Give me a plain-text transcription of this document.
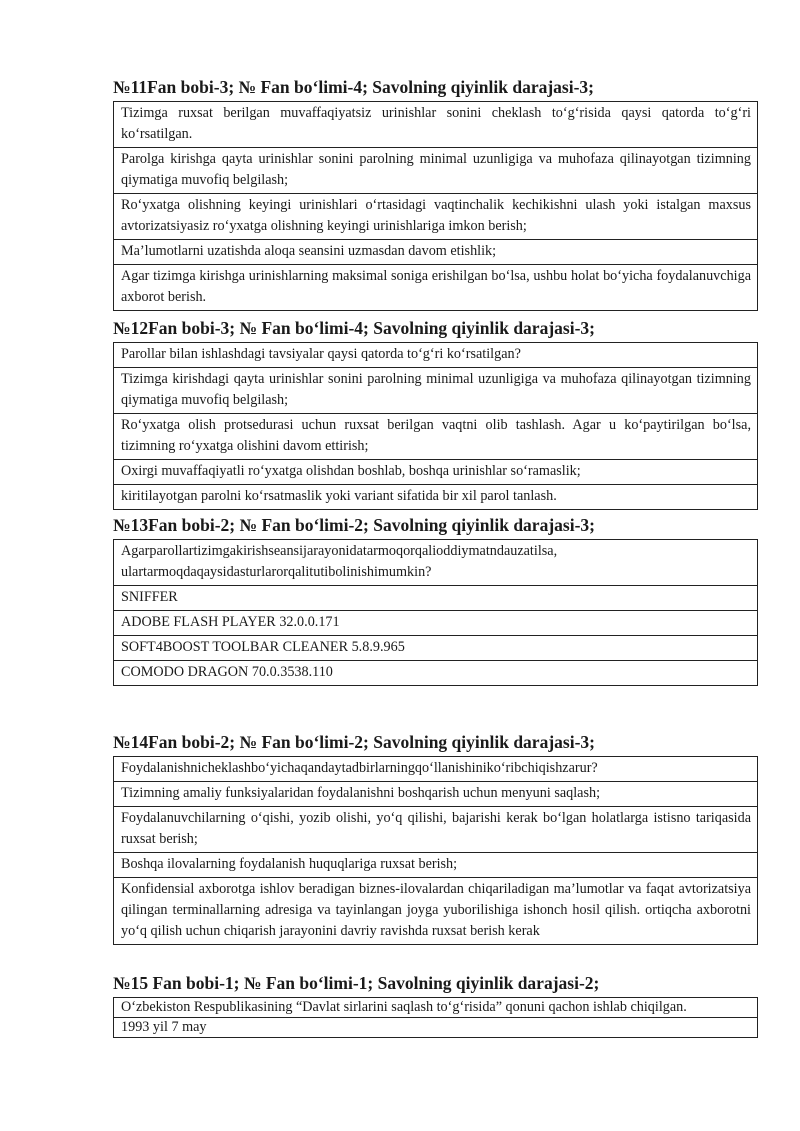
№11Fan bobi-3; № Fan bo‘limi-4; Savolning qiyinlik darajasi-3;
Tizimga ruxsat berilgan muvaffaqiyatsiz urinishlar sonini cheklash to‘g‘risida qaysi qatorda to‘g‘ri ko‘rsatilgan.
Parolga kirishga qayta urinishlar sonini parolning minimal uzunligiga va muhofaza qilinayotgan tizimning qiymatiga muvofiq belgilash;
Ro‘yxatga olishning keyingi urinishlari o‘rtasidagi vaqtinchalik kechikishni ulash yoki istalgan maxsus avtorizatsiyasiz ro‘yxatga olishning keyingi urinishlariga imkon berish;
Ma’lumotlarni uzatishda aloqa seansini uzmasdan davom etishlik;
Agar tizimga kirishga urinishlarning maksimal soniga erishilgan bo‘lsa, ushbu holat bo‘yicha foydalanuvchiga axborot berish.
№12Fan bobi-3; № Fan bo‘limi-4; Savolning qiyinlik darajasi-3;
Parollar bilan ishlashdagi tavsiyalar qaysi qatorda to‘g‘ri ko‘rsatilgan?
Tizimga kirishdagi qayta urinishlar sonini parolning minimal uzunligiga va muhofaza qilinayotgan tizimning qiymatiga muvofiq belgilash;
Ro‘yxatga olish protsedurasi uchun ruxsat berilgan vaqtni olib tashlash. Agar u ko‘paytirilgan bo‘lsa, tizimning ro‘yxatga olishini davom ettirish;
Oxirgi muvaffaqiyatli ro‘yxatga olishdan boshlab, boshqa urinishlar so‘ramaslik;
kiritilayotgan parolni ko‘rsatmaslik yoki variant sifatida bir xil parol tanlash.
№13Fan bobi-2; № Fan bo‘limi-2; Savolning qiyinlik darajasi-3;
Agarparollartizimgakirishseansijarayonidatarmoqorqalioddiymatndauzatilsa, ulartarmoqdaqaysidasturlarorqalitutibolinishimumkin?
SNIFFER
ADOBE FLASH PLAYER 32.0.0.171
SOFT4BOOST TOOLBAR CLEANER 5.8.9.965
COMODO DRAGON 70.0.3538.110
№14Fan bobi-2; № Fan bo‘limi-2; Savolning qiyinlik darajasi-3;
Foydalanishnicheklashbo‘yichaqandaytadbirlarningqo‘llanishiniko‘ribchiqishzarur?
Tizimning amaliy funksiyalaridan foydalanishni boshqarish uchun menyuni saqlash;
Foydalanuvchilarning o‘qishi, yozib olishi, yo‘q qilishi, bajarishi kerak bo‘lgan holatlarga istisno tariqasida ruxsat berish;
Boshqa ilovalarning foydalanish huquqlariga ruxsat berish;
Konfidensial axborotga ishlov beradigan biznes-ilovalardan chiqariladigan ma’lumotlar va faqat avtorizatsiya qilingan terminallarning adresiga va tayinlangan joyga yuborilishiga ishonch hosil qilish. ortiqcha axborotni yo‘q qilish uchun chiqarish jarayonini davriy ravishda ruxsat berish kerak
№15 Fan bobi-1; № Fan bo‘limi-1; Savolning qiyinlik darajasi-2;
O‘zbekiston Respublikasining “Davlat sirlarini saqlash to‘g‘risida” qonuni qachon ishlab chiqilgan.
1993 yil 7 may
